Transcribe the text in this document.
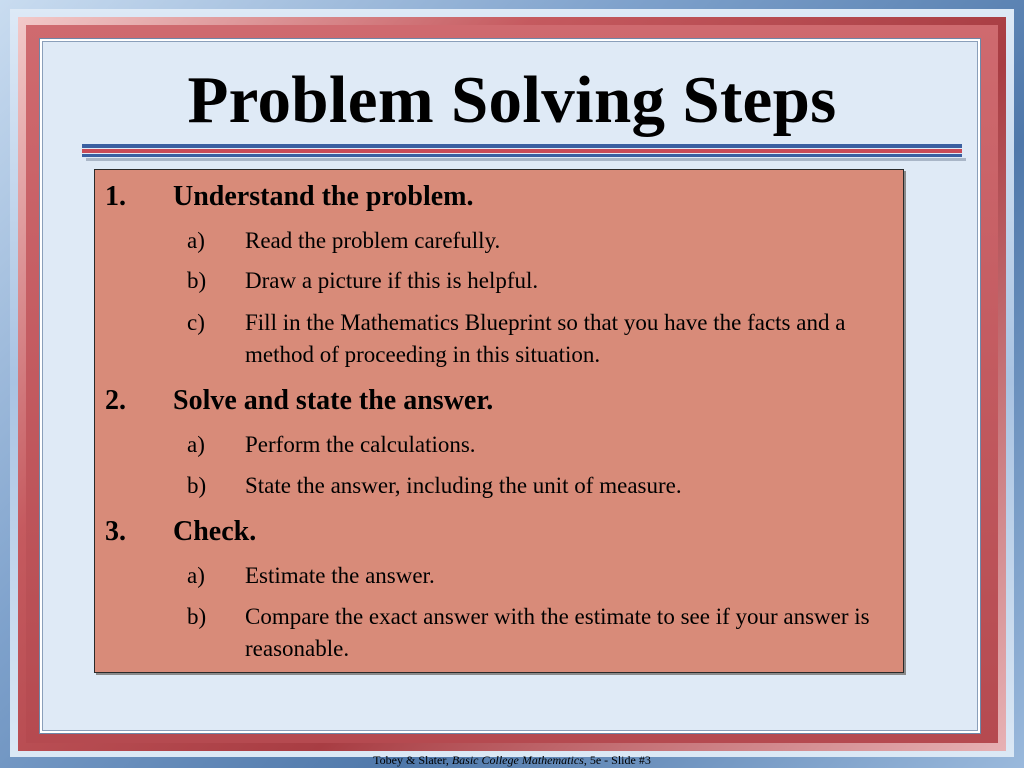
Problem Solving Steps
1. Understand the problem.
a) Read the problem carefully.
b) Draw a picture if this is helpful.
c) Fill in the Mathematics Blueprint so that you have the facts and a method of proceeding in this situation.
2. Solve and state the answer.
a) Perform the calculations.
b) State the answer, including the unit of measure.
3. Check.
a) Estimate the answer.
b) Compare the exact answer with the estimate to see if your answer is reasonable.
Tobey & Slater, Basic College Mathematics, 5e - Slide #3
